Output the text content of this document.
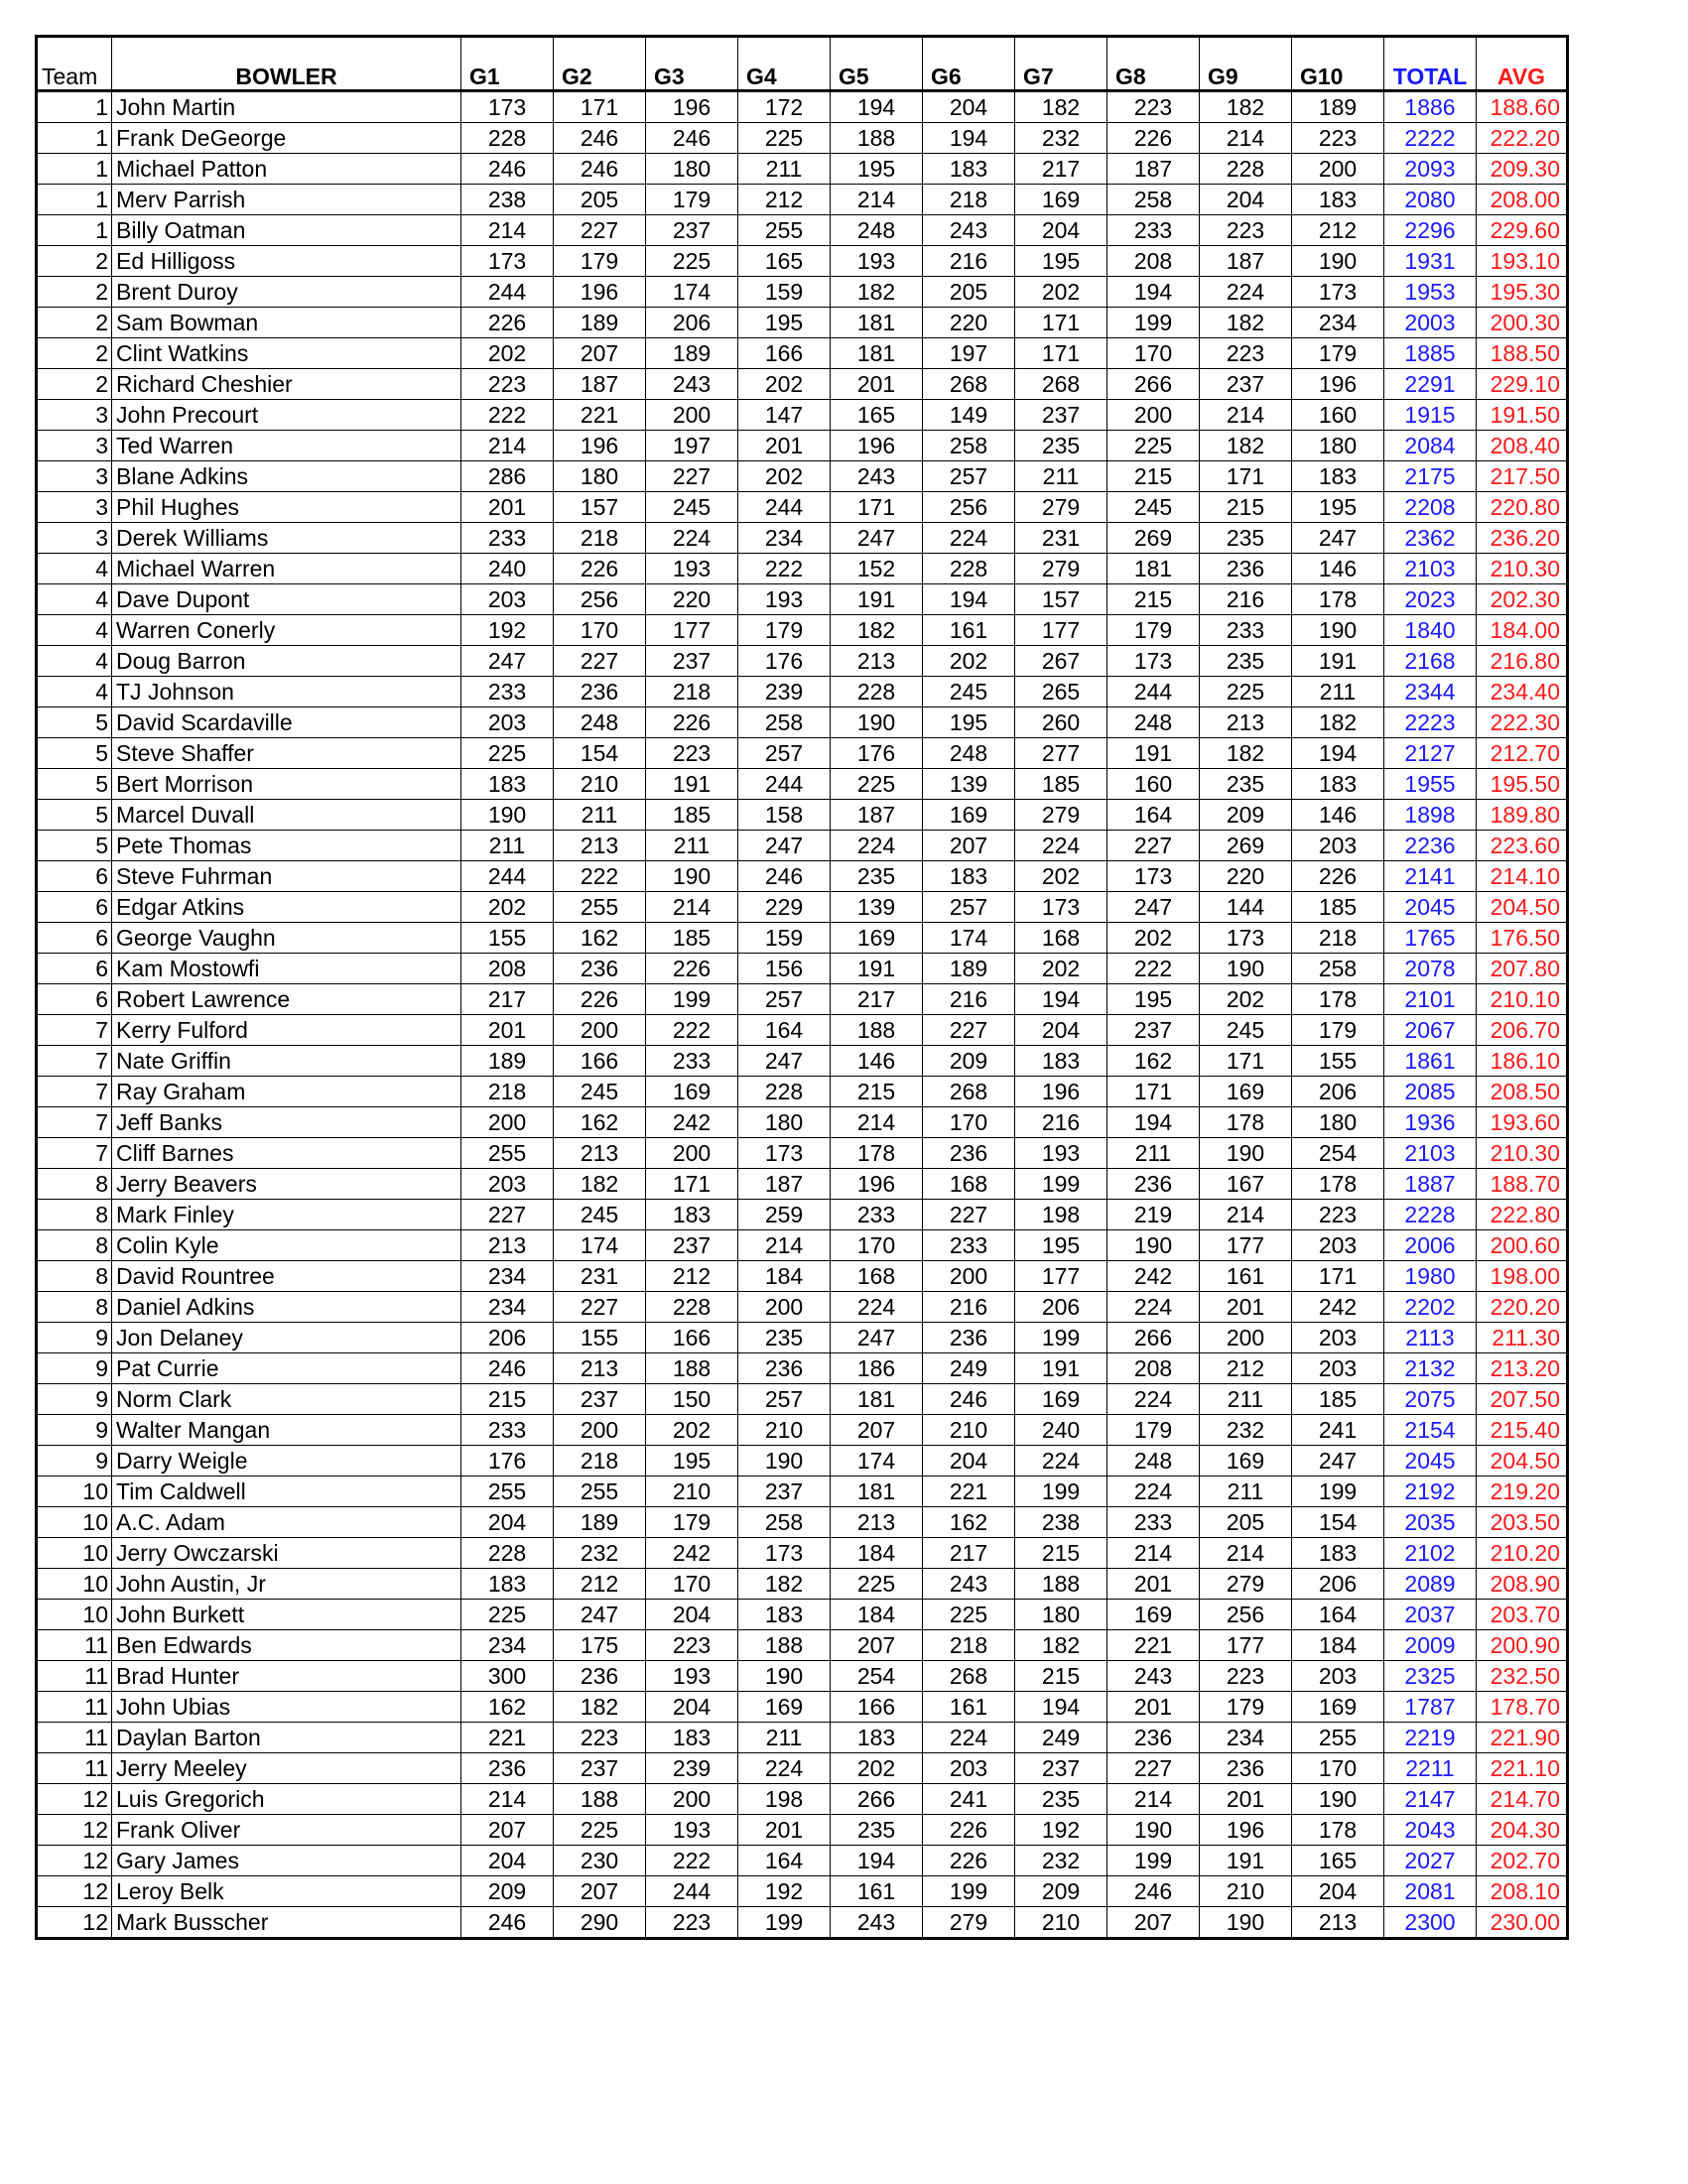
Team	BOWLER	G1	G2	G3	G4	G5	G6	G7	G8	G9	G10	TOTAL	AVG
1	John Martin	173	171	196	172	194	204	182	223	182	189	1886	188.60
1	Frank DeGeorge	228	246	246	225	188	194	232	226	214	223	2222	222.20
1	Michael Patton	246	246	180	211	195	183	217	187	228	200	2093	209.30
1	Merv Parrish	238	205	179	212	214	218	169	258	204	183	2080	208.00
1	Billy Oatman	214	227	237	255	248	243	204	233	223	212	2296	229.60
2	Ed Hilligoss	173	179	225	165	193	216	195	208	187	190	1931	193.10
2	Brent Duroy	244	196	174	159	182	205	202	194	224	173	1953	195.30
2	Sam Bowman	226	189	206	195	181	220	171	199	182	234	2003	200.30
2	Clint Watkins	202	207	189	166	181	197	171	170	223	179	1885	188.50
2	Richard Cheshier	223	187	243	202	201	268	268	266	237	196	2291	229.10
3	John Precourt	222	221	200	147	165	149	237	200	214	160	1915	191.50
3	Ted Warren	214	196	197	201	196	258	235	225	182	180	2084	208.40
3	Blane Adkins	286	180	227	202	243	257	211	215	171	183	2175	217.50
3	Phil Hughes	201	157	245	244	171	256	279	245	215	195	2208	220.80
3	Derek Williams	233	218	224	234	247	224	231	269	235	247	2362	236.20
4	Michael Warren	240	226	193	222	152	228	279	181	236	146	2103	210.30
4	Dave Dupont	203	256	220	193	191	194	157	215	216	178	2023	202.30
4	Warren Conerly	192	170	177	179	182	161	177	179	233	190	1840	184.00
4	Doug Barron	247	227	237	176	213	202	267	173	235	191	2168	216.80
4	TJ Johnson	233	236	218	239	228	245	265	244	225	211	2344	234.40
5	David Scardaville	203	248	226	258	190	195	260	248	213	182	2223	222.30
5	Steve Shaffer	225	154	223	257	176	248	277	191	182	194	2127	212.70
5	Bert Morrison	183	210	191	244	225	139	185	160	235	183	1955	195.50
5	Marcel Duvall	190	211	185	158	187	169	279	164	209	146	1898	189.80
5	Pete Thomas	211	213	211	247	224	207	224	227	269	203	2236	223.60
6	Steve Fuhrman	244	222	190	246	235	183	202	173	220	226	2141	214.10
6	Edgar Atkins	202	255	214	229	139	257	173	247	144	185	2045	204.50
6	George Vaughn	155	162	185	159	169	174	168	202	173	218	1765	176.50
6	Kam Mostowfi	208	236	226	156	191	189	202	222	190	258	2078	207.80
6	Robert Lawrence	217	226	199	257	217	216	194	195	202	178	2101	210.10
7	Kerry Fulford	201	200	222	164	188	227	204	237	245	179	2067	206.70
7	Nate Griffin	189	166	233	247	146	209	183	162	171	155	1861	186.10
7	Ray Graham	218	245	169	228	215	268	196	171	169	206	2085	208.50
7	Jeff Banks	200	162	242	180	214	170	216	194	178	180	1936	193.60
7	Cliff Barnes	255	213	200	173	178	236	193	211	190	254	2103	210.30
8	Jerry Beavers	203	182	171	187	196	168	199	236	167	178	1887	188.70
8	Mark Finley	227	245	183	259	233	227	198	219	214	223	2228	222.80
8	Colin Kyle	213	174	237	214	170	233	195	190	177	203	2006	200.60
8	David Rountree	234	231	212	184	168	200	177	242	161	171	1980	198.00
8	Daniel Adkins	234	227	228	200	224	216	206	224	201	242	2202	220.20
9	Jon Delaney	206	155	166	235	247	236	199	266	200	203	2113	211.30
9	Pat Currie	246	213	188	236	186	249	191	208	212	203	2132	213.20
9	Norm Clark	215	237	150	257	181	246	169	224	211	185	2075	207.50
9	Walter Mangan	233	200	202	210	207	210	240	179	232	241	2154	215.40
9	Darry Weigle	176	218	195	190	174	204	224	248	169	247	2045	204.50
10	Tim Caldwell	255	255	210	237	181	221	199	224	211	199	2192	219.20
10	A.C. Adam	204	189	179	258	213	162	238	233	205	154	2035	203.50
10	Jerry Owczarski	228	232	242	173	184	217	215	214	214	183	2102	210.20
10	John Austin, Jr	183	212	170	182	225	243	188	201	279	206	2089	208.90
10	John Burkett	225	247	204	183	184	225	180	169	256	164	2037	203.70
11	Ben Edwards	234	175	223	188	207	218	182	221	177	184	2009	200.90
11	Brad Hunter	300	236	193	190	254	268	215	243	223	203	2325	232.50
11	John Ubias	162	182	204	169	166	161	194	201	179	169	1787	178.70
11	Daylan Barton	221	223	183	211	183	224	249	236	234	255	2219	221.90
11	Jerry Meeley	236	237	239	224	202	203	237	227	236	170	2211	221.10
12	Luis Gregorich	214	188	200	198	266	241	235	214	201	190	2147	214.70
12	Frank Oliver	207	225	193	201	235	226	192	190	196	178	2043	204.30
12	Gary James	204	230	222	164	194	226	232	199	191	165	2027	202.70
12	Leroy Belk	209	207	244	192	161	199	209	246	210	204	2081	208.10
12	Mark Busscher	246	290	223	199	243	279	210	207	190	213	2300	230.00
